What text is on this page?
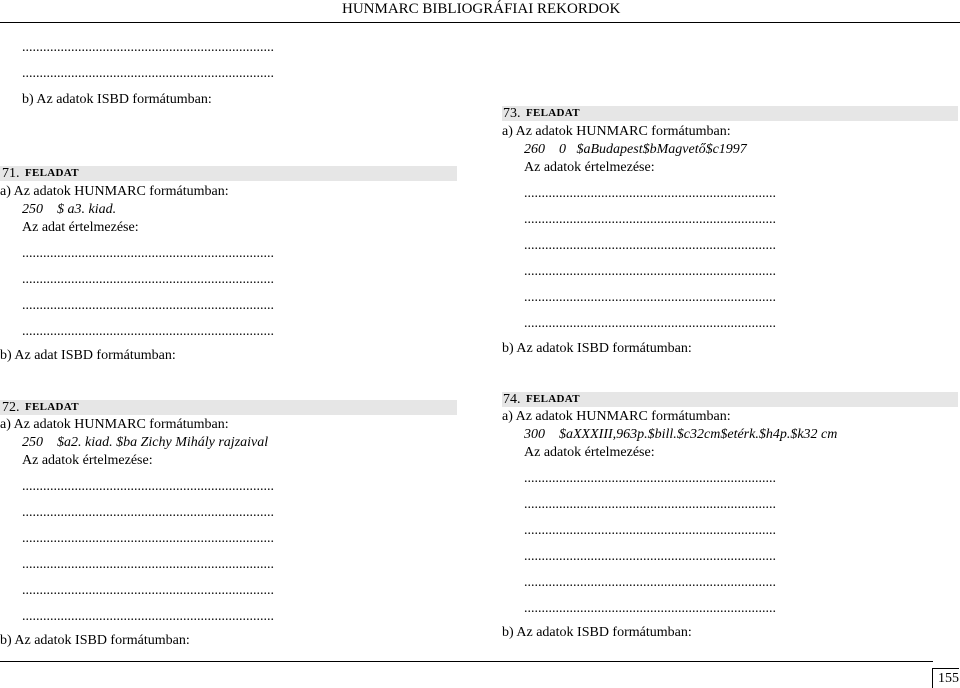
HUNMARC BIBLIOGRÁFIAI REKORDOK
........................................................................
........................................................................
b) Az adatok ISBD formátumban:
71. FELADAT
a) Az adatok HUNMARC formátumban:
250    $ a3. kiad.
Az adat értelmezése:
........................................................................
........................................................................
........................................................................
........................................................................
b) Az adat ISBD formátumban:
72. FELADAT
a) Az adatok HUNMARC formátumban:
250    $a2. kiad. $ba Zichy Mihály rajzaival
Az adatok értelmezése:
........................................................................
........................................................................
........................................................................
........................................................................
........................................................................
........................................................................
b) Az adatok ISBD formátumban:
73. FELADAT
a) Az adatok HUNMARC formátumban:
260    0   $aBudapest$bMagvető$c1997
Az adatok értelmezése:
........................................................................
........................................................................
........................................................................
........................................................................
........................................................................
........................................................................
b) Az adatok ISBD formátumban:
74. FELADAT
a) Az adatok HUNMARC formátumban:
300    $aXXXIII,963p.$bill.$c32cm$etérk.$h4p.$k32 cm
Az adatok értelmezése:
........................................................................
........................................................................
........................................................................
........................................................................
........................................................................
........................................................................
b) Az adatok ISBD formátumban:
155
